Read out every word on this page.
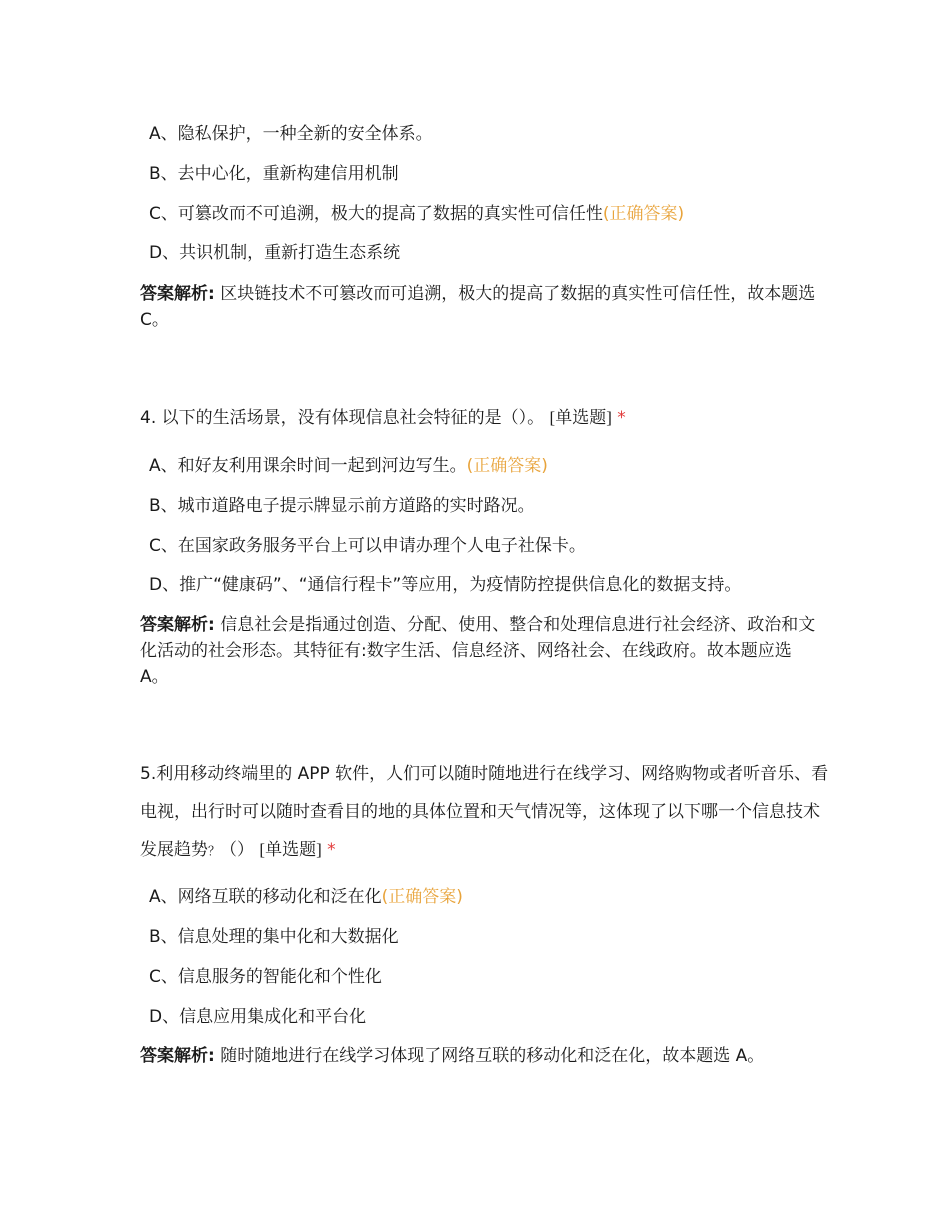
A、隐私保护，一种全新的安全体系。
B、去中心化，重新构建信用机制
C、可篡改而不可追溯，极大的提高了数据的真实性可信任性(正确答案)
D、共识机制，重新打造生态系统
答案解析: 区块链技术不可篡改而可追溯，极大的提高了数据的真实性可信任性，故本题选 C。
4. 以下的生活场景，没有体现信息社会特征的是（）。 [单选题] *
A、和好友利用课余时间一起到河边写生。(正确答案)
B、城市道路电子提示牌显示前方道路的实时路况。
C、在国家政务服务平台上可以申请办理个人电子社保卡。
D、推广“健康码”、“通信行程卡”等应用，为疫情防控提供信息化的数据支持。
答案解析: 信息社会是指通过创造、分配、使用、整合和处理信息进行社会经济、政治和文化活动的社会形态。其特征有:数字生活、信息经济、网络社会、在线政府。故本题应选 A。
5.利用移动终端里的 APP 软件，人们可以随时随地进行在线学习、网络购物或者听音乐、看电视，出行时可以随时查看目的地的具体位置和天气情况等，这体现了以下哪一个信息技术发展趋势？（） [单选题] *
A、网络互联的移动化和泛在化(正确答案)
B、信息处理的集中化和大数据化
C、信息服务的智能化和个性化
D、信息应用集成化和平台化
答案解析: 随时随地进行在线学习体现了网络互联的移动化和泛在化，故本题选 A。
